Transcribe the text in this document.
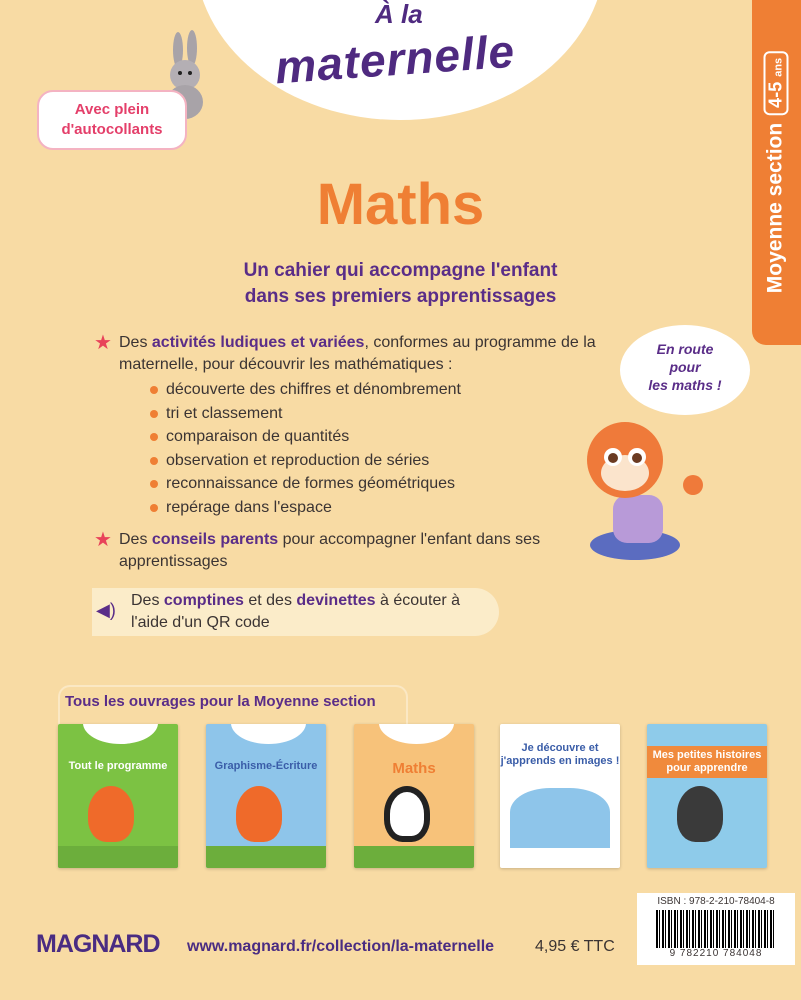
À la
maternelle
Moyenne section4-5 ans
Avec plein
d'autocollants
Maths
Un cahier qui accompagne l'enfant
dans ses premiers apprentissages
★ Des activités ludiques et variées, conformes au programme de la maternelle, pour découvrir les mathématiques :
découverte des chiffres et dénombrement
tri et classement
comparaison de quantités
observation et reproduction de séries
reconnaissance de formes géométriques
repérage dans l'espace
★ Des conseils parents pour accompagner l'enfant dans ses apprentissages
◀) Des comptines et des devinettes à écouter à l'aide d'un QR code
En route
pour
les maths !
Tous les ouvrages pour la Moyenne section
Tout le programme	Graphisme-Écriture	Maths
Je découvre et j'apprends en images !	Mes petites histoires pour apprendre
ISBN : 978-2-210-78404-8
9 782210 784048
MAGNARD www.magnard.fr/collection/la-maternelle	4,95 € TTC
